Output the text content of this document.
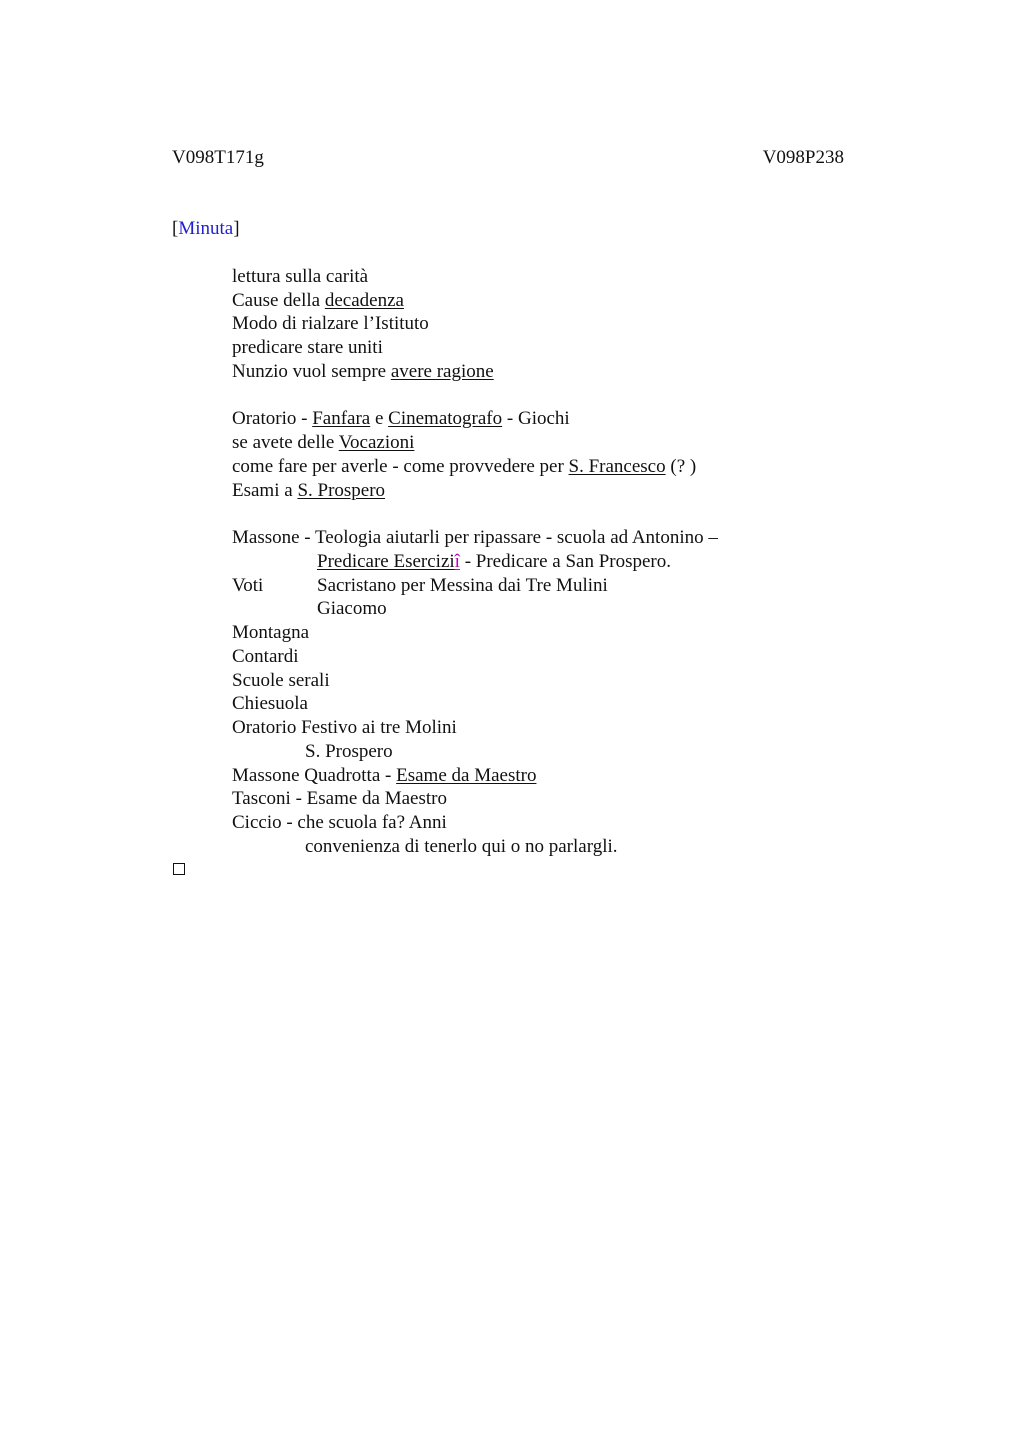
V098T171g	V098P238
[Minuta]
lettura sulla carità
Cause della decadenza
Modo di rialzare l’Istituto
predicare stare uniti
Nunzio vuol sempre avere ragione
Oratorio - Fanfara e Cinematografo - Giochi
se avete delle Vocazioni
come fare per averle - come provvedere per S. Francesco (? )
Esami a S. Prospero
Massone - Teologia aiutarli per ripassare - scuola ad Antonino –
Predicare Eserciziî - Predicare a San Prospero.
Voti	Sacristano per Messina dai Tre Mulini
Giacomo
Montagna
Contardi
Scuole serali
Chiesuola
Oratorio Festivo ai tre Molini
S. Prospero
Massone Quadrotta - Esame da Maestro
Tasconi - Esame da Maestro
Ciccio - che scuola fa? Anni
convenienza di tenerlo qui o no parlargli.
